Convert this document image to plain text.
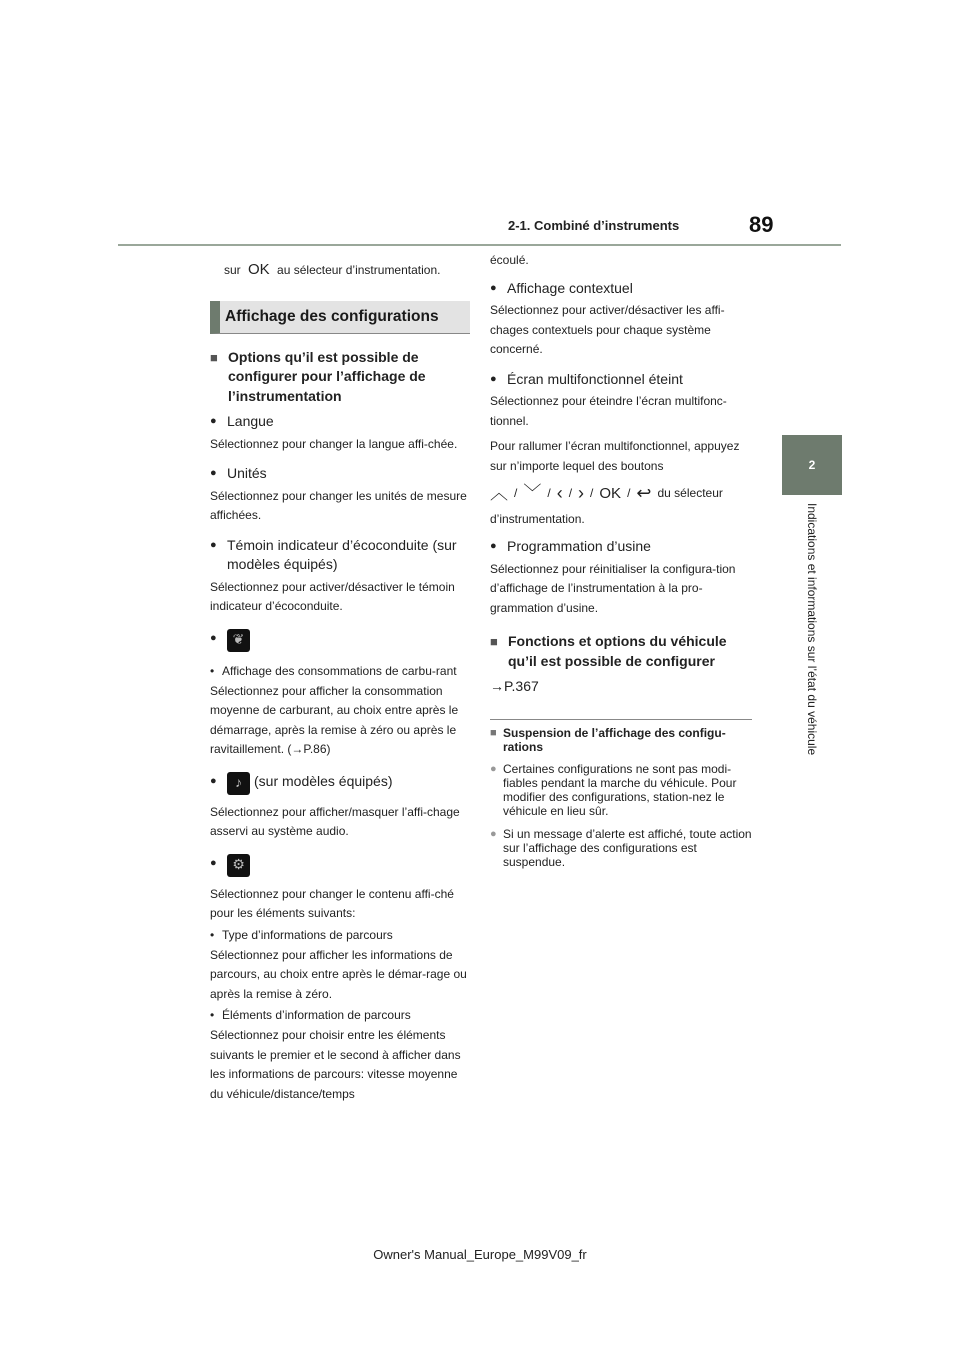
2-1. Combiné d’instruments	89
2
Indications et informations sur l’état du véhicule

sur OK au sélecteur d’instrumentation.

Affichage des configurations
■ Options qu’il est possible de configurer pour l’affichage de l’instrumentation
● Langue

Sélectionnez pour changer la langue affi-chée.

● Unités

Sélectionnez pour changer les unités de mesure affichées.

● Témoin indicateur d’écoconduite (sur modèles équipés)

Sélectionnez pour activer/désactiver le témoin indicateur d’écoconduite.

●	❦
• Affichage des consommations de carbu-rant

Sélectionnez pour afficher la consommation moyenne de carburant, au choix entre après le démarrage, après la remise à zéro ou après le ravitaillement. (→P.86)

●	♪ (sur modèles équipés)

Sélectionnez pour afficher/masquer l’affi-chage asservi au système audio.

●	⚙

Sélectionnez pour changer le contenu affi-ché pour les éléments suivants:

• Type d’informations de parcours

Sélectionnez pour afficher les informations de parcours, au choix entre après le démar-rage ou après la remise à zéro.

• Éléments d’information de parcours

Sélectionnez pour choisir entre les éléments suivants le premier et le second à afficher dans les informations de parcours: vitesse moyenne du véhicule/distance/temps

écoulé.

● Affichage contextuel

Sélectionnez pour activer/désactiver les affi-chages contextuels pour chaque système concerné.

● Écran multifonctionnel éteint

Sélectionnez pour éteindre l’écran multifonc-tionnel.

Pour rallumer l’écran multifonctionnel, appuyez sur n’importe lequel des boutons

︿ / ﹀ / ‹ / › / OK / ↩ du sélecteur

d’instrumentation.

● Programmation d’usine

Sélectionnez pour réinitialiser la configura-tion d’affichage de l’instrumentation à la pro-grammation d’usine.

■ Fonctions et options du véhicule qu’il est possible de configurer

→P.367

■ Suspension de l’affichage des configu-rations
● Certaines configurations ne sont pas modi-fiables pendant la marche du véhicule. Pour modifier des configurations, station-nez le véhicule en lieu sûr.
● Si un message d’alerte est affiché, toute action sur l’affichage des configurations est suspendue.
Owner's Manual_Europe_M99V09_fr
